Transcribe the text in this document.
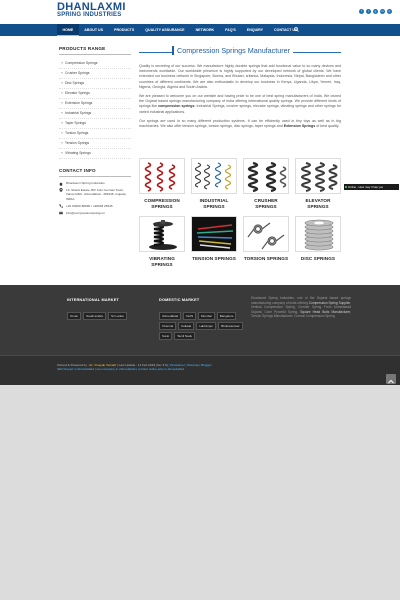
DHANLAXMI
SPRING INDUSTRIES
f	t	g	in	p
HOME	ABOUT US	PRODUCTS	QUALITY ASSURANCE	NETWORK	FAQ'S	ENQUIRY	CONTACT US
PRODUCTS RANGE
» Compression Springs
» Crusher Springs
» Disc Springs
» Elevator Springs
» Extension Springs
» Industrial Springs
» Taper Springs
» Torsion Springs
» Tension Springs
» Vibrating Springs
CONTACT INFO
Dhanlaxmi Spring Industries
13, Shanti Estate, B/h Indo German Tools, Vatva GIDC, Ahmedabad - 382445, Gujarat, INDIA.
+91 94260 88090 / +98948 28345
info@compressionsprings.in
Compression Springs Manufacturer

Quality is secreting of our success. We manufacture highly durable springs that add functional value to so many devices and instruments worldwide. Our worldwide presence is highly supported by our developed network of global clients. We have extended our business network in Singapore, Burma, and Bhutan, srilanka, Malaysia, Indonesia, Nepal, Bangladesh and other countries of different continents. We are also enthusiastic to develop our business in Kenya, Uganda, Libya, Yemen, Iraq, Nigeria, Georgia, Algeria and South Arabia.

We are pleased to welcome you on our website and having pride to be one of best spring manufacturers of India. We owned the Gujarat based springs manufacturing company of India offering international quality springs. We provide different kinds of springs like compression springs, Industrial Springs, crusher springs, elevator springs, vibrating springs and other springs for varied industrial applications.

Our springs are used in so many different production systems. It can be efficiently used in tiny toys as well as in big machineries. We also offer tension springs, torsion springs, disc springs, taper springs and Extension Springs of best quality.

COMPRESSION
SPRINGS
INDUSTRIAL
SPRINGS
CRUSHER
SPRINGS
ELEVATOR
SPRINGS
VIBRATING
SPRINGS
TENSION SPRINGS TORSION SPRINGS	DISC SPRINGS
Online - How may I help you
INTERNATIONAL MARKET
Oman	Saudi arabia	Sri Lanka
DOMESTIC MARKET
Ahmedabad	Delhi	Mumbai	Bangalore
Chennai	Kolkata	Lakhimpur	Bhubaneswar
Surat	Tamil Nadu
Dhanlaxmi Spring Industries, one of the Gujarat based springs manufacturing company of India offering Compression Spring Supplier, Vertical Compression Spring, Crusher Spring From Ahmedabad Gujarat, Cone Pyramid Spring, Square Head Bolts Manufacturer, Torsion Springs Manufacturer, Conical Compression Spring.
Owned & Powered by : Er. Vinayak Velvadt | Last Update : 11 Feb 2019 (Ver 3.0) | Disclaimer | Sitemap | Blogger
SEO Expert in Ahmedabad | seo company in ahmedabad | contact online jobs in ahmedabad
